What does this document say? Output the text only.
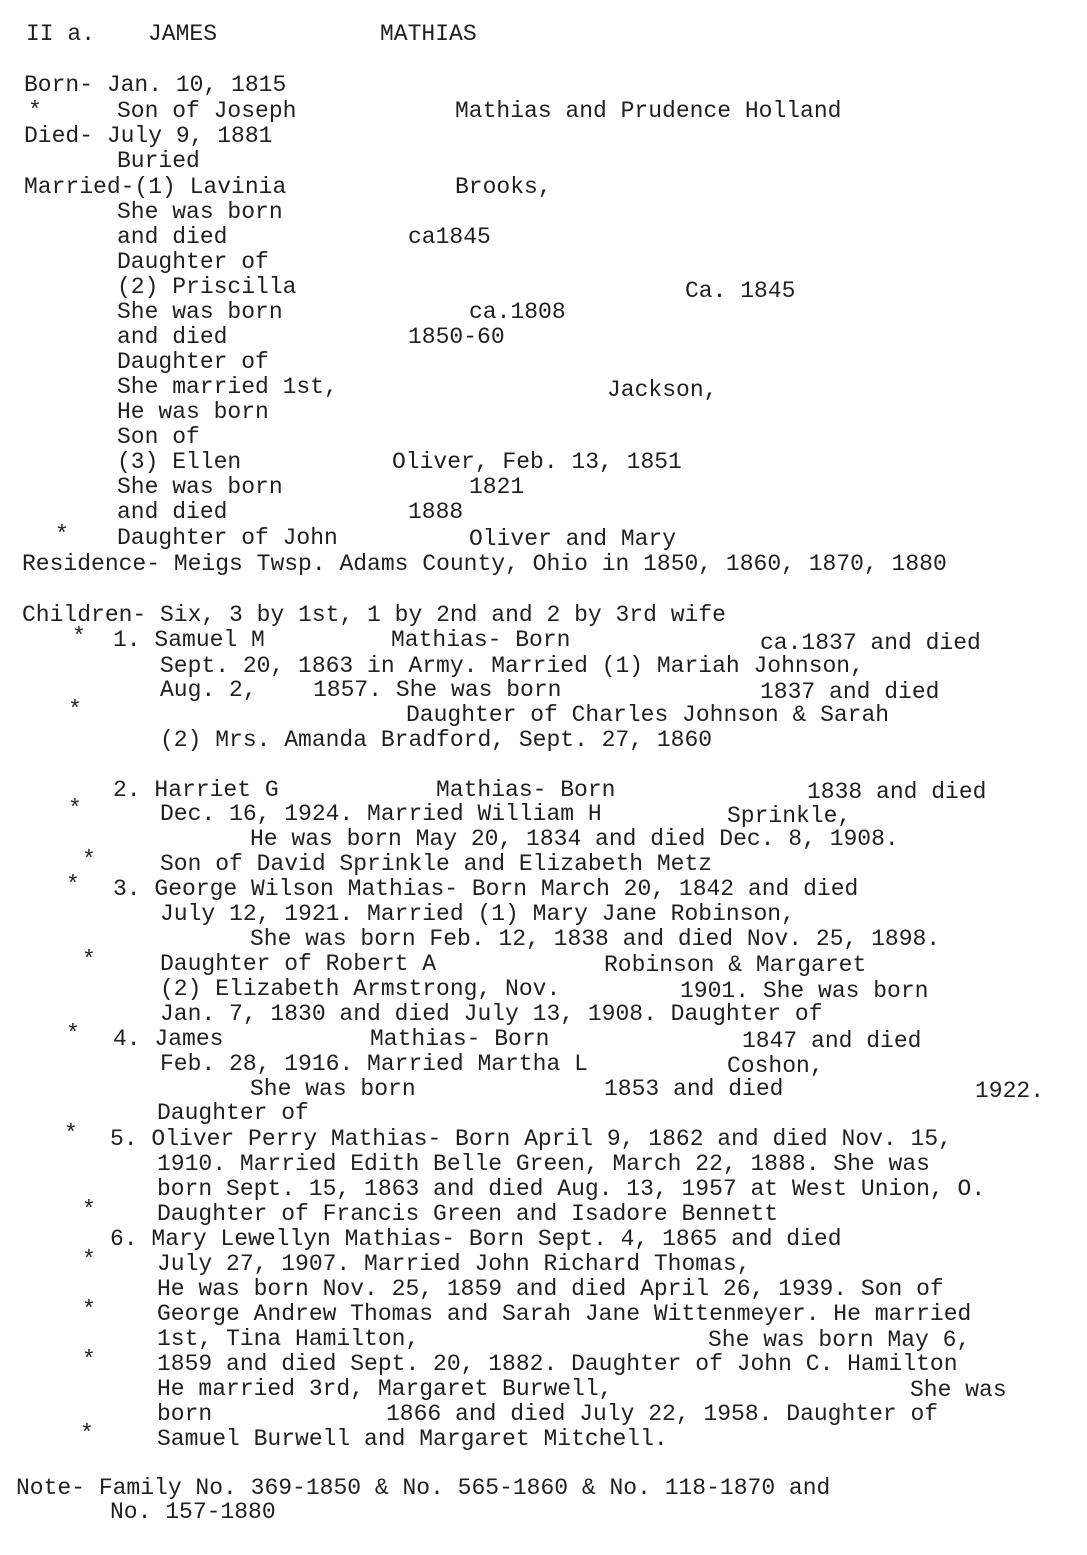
II a. JAMES	MATHIAS
Born- Jan. 10, 1815
*	Son of Joseph	Mathias and Prudence Holland
Died- July 9, 1881
Buried
Married-(1) Lavinia	Brooks,
She was born
and died	ca1845
Daughter of
(2) Priscilla	Ca. 1845
She was born	ca.1808
and died	1850-60
Daughter of
She married 1st,	Jackson,
He was born
Son of
(3) Ellen	Oliver, Feb. 13, 1851
She was born	1821
and died	1888
* Daughter of John	Oliver and Mary
Residence- Meigs Twsp. Adams County, Ohio in 1850, 1860, 1870, 1880
Children- Six, 3 by 1st, 1 by 2nd and 2 by 3rd wife
* 1. Samuel M	Mathias- Born	ca.1837 and died
Sept. 20, 1863 in Army. Married (1) Mariah Johnson,
Aug. 2, 1857. She was born	1837 and died
*	Daughter of Charles Johnson & Sarah
(2) Mrs. Amanda Bradford, Sept. 27, 1860
2. Harriet G	Mathias- Born	1838 and died
*	Dec. 16, 1924. Married William H	Sprinkle,
He was born May 20, 1834 and died Dec. 8, 1908.
*	Son of David Sprinkle and Elizabeth Metz
* 3. George Wilson Mathias- Born March 20, 1842 and died
July 12, 1921. Married (1) Mary Jane Robinson,
She was born Feb. 12, 1838 and died Nov. 25, 1898.
*	Daughter of Robert A	Robinson & Margaret
(2) Elizabeth Armstrong, Nov.	1901. She was born
Jan. 7, 1830 and died July 13, 1908. Daughter of
* 4. James	Mathias- Born	1847 and died
Feb. 28, 1916. Married Martha L	Coshon,
She was born	1853 and died	1922.
Daughter of
* 5. Oliver Perry Mathias- Born April 9, 1862 and died Nov. 15,
1910. Married Edith Belle Green, March 22, 1888. She was
born Sept. 15, 1863 and died Aug. 13, 1957 at West Union, O.
*	Daughter of Francis Green and Isadore Bennett
6. Mary Lewellyn Mathias- Born Sept. 4, 1865 and died
*	July 27, 1907. Married John Richard Thomas,
He was born Nov. 25, 1859 and died April 26, 1939. Son of
*	George Andrew Thomas and Sarah Jane Wittenmeyer. He married
1st, Tina Hamilton,	She was born May 6,
*	1859 and died Sept. 20, 1882. Daughter of John C. Hamilton
He married 3rd, Margaret Burwell,	She was
born	1866 and died July 22, 1958. Daughter of
*	Samuel Burwell and Margaret Mitchell.
Note- Family No. 369-1850 & No. 565-1860 & No. 118-1870 and
No. 157-1880
